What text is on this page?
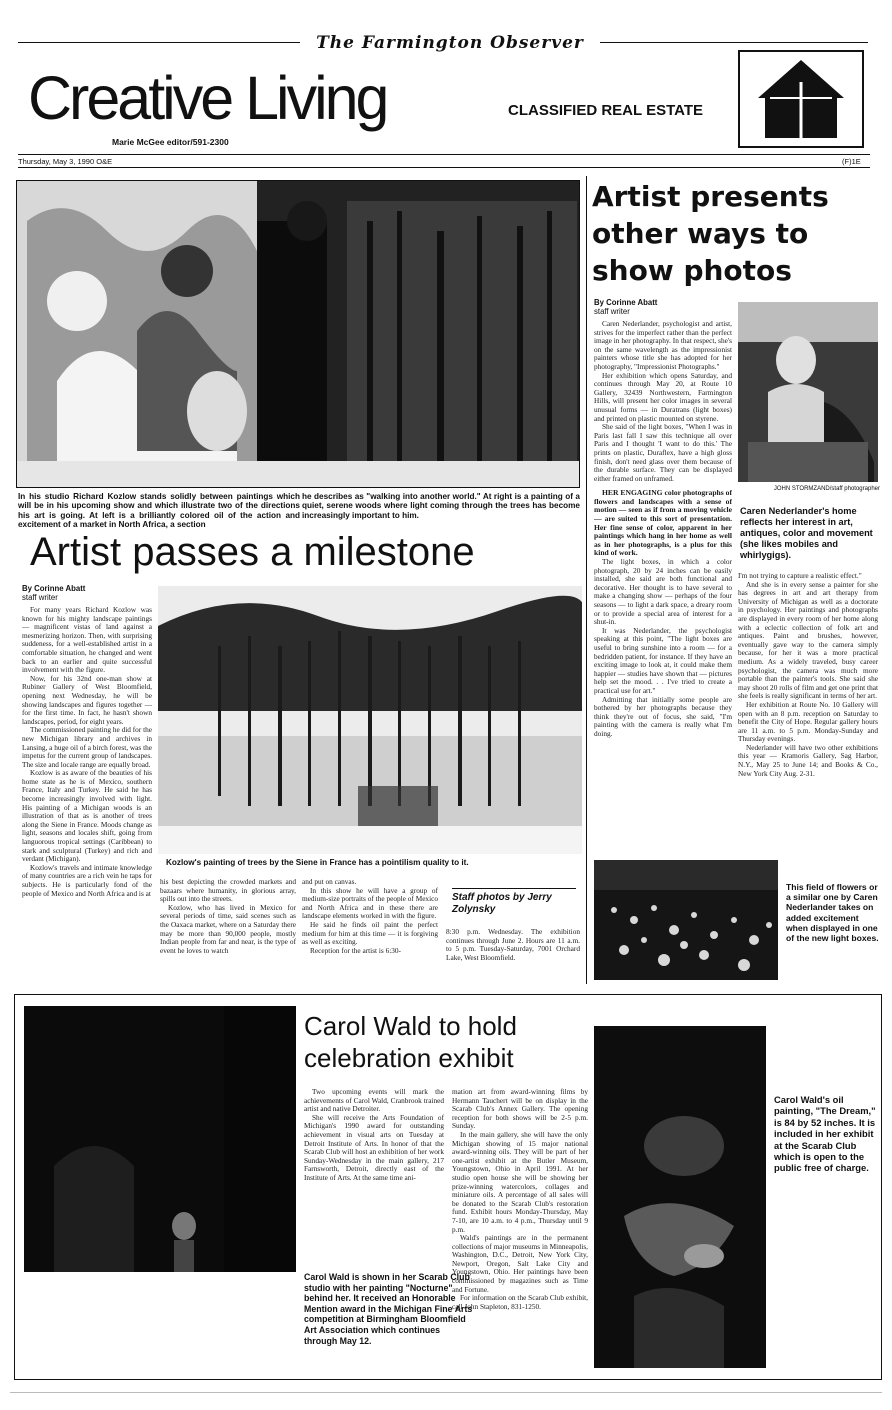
The Farmington Observer
Creative Living
Marie McGee editor/591-2300
CLASSIFIED REAL ESTATE
Thursday, May 3, 1990 O&E	(F)1E
In his studio Richard Kozlow stands solidly between paintings which will be in his upcoming show and which illustrate two of the directions his art is going. At left is a brilliantly colored oil of the action and excitement of a market in North Africa, a section
he describes as "walking into another world." At right is a painting of a quiet, serene woods where light coming through the trees has become increasingly important to him.
Artist passes a milestone
By Corinne Abatt
staff writer

For many years Richard Kozlow was known for his mighty landscape paintings — magnificent vistas of land against a mesmerizing horizon. Then, with surprising suddeness, for a well-established artist in a comfortable situation, he changed and went back to an earlier and quite successful involvement with the figure.

Now, for his 32nd one-man show at Rubiner Gallery of West Bloomfield, opening next Wednesday, he will be showing landscapes and figures together — for the first time. In fact, he hasn't shown landscapes, period, for eight years.

The commissioned painting he did for the new Michigan library and archives in Lansing, a huge oil of a birch forest, was the impetus for the current group of landscapes. The size and locale range are equally broad.

Kozlow is as aware of the beauties of his home state as he is of Mexico, southern France, Italy and Turkey. He said he has become increasingly involved with light. His painting of a Michigan woods is an illustration of that as is another of trees along the Siene in France. Moods change as light, seasons and locales shift, going from languorous tropical settings (Caribbean) to stark and sculptural (Turkey) and rich and verdant (Michigan).

Kozlow's travels and intimate knowledge of many countries are a rich vein he taps for subjects. He is particularly fond of the people of Mexico and North Africa and is at

Kozlow's painting of trees by the Siene in France has a pointilism quality to it.

his best depicting the crowded markets and bazaars where humanity, in glorious array, spills out into the streets.

Kozlow, who has lived in Mexico for several periods of time, said scenes such as the Oaxaca market, where on a Saturday there may be more than 90,000 people, mostly Indian people from far and near, is the type of event he loves to watch

and put on canvas.

In this show he will have a group of medium-size portraits of the people of Mexico and North Africa and in these there are landscape elements worked in with the figure.

He said he finds oil paint the perfect medium for him at this time — it is forgiving as well as exciting.

Reception for the artist is 6:30-

Staff photos by Jerry Zolynsky

8:30 p.m. Wednesday. The exhibition continues through June 2. Hours are 11 a.m. to 5 p.m. Tuesday-Saturday, 7001 Orchard Lake, West Bloomfield.

Artist presents other ways to show photos
By Corinne Abatt
staff writer

Caren Nederlander, psychologist and artist, strives for the imperfect rather than the perfect image in her photography. In that respect, she's on the same wavelength as the impressionist painters whose title she has adopted for her photography, "Impressionist Photographs."

Her exhibition which opens Saturday, and continues through May 20, at Route 10 Gallery, 32439 Northwestern, Farmington Hills, will present her color images in several unusual forms — in Duratrans (light boxes) and printed on plastic mounted on styrene.

She said of the light boxes, "When I was in Paris last fall I saw this technique all over Paris and I thought 'I want to do this.' The prints on plastic, Duraflex, have a high gloss finish, don't need glass over them because of the durable surface. They can be displayed either framed on unframed.

HER ENGAGING color photographs of flowers and landscapes with a sense of motion — seen as if from a moving vehicle — are suited to this sort of presentation. Her fine sense of color, apparent in her paintings which hang in her home as well as in her photographs, is a plus for this kind of work.

The light boxes, in which a color photograph, 20 by 24 inches can be easily installed, she said are both functional and decorative. Her thought is to have several to make a changing show — perhaps of the four seasons — to light a dark space, a dreary room or to provide a special area of interest for a shut-in.

It was Nederlander, the psychologist speaking at this point, "The light boxes are useful to bring sunshine into a room — for a bedridden patient, for instance. If they have an exciting image to look at, it could make them happier — studies have shown that — pictures help set the mood. . . I've tried to create a practical use for art."

Admitting that initially some people are bothered by her photographs because they think they're out of focus, she said, "I'm painting with the camera is really what I'm doing.

JOHN STORMZAND/staff photographer
Caren Nederlander's home reflects her interest in art, antiques, color and movement (she likes mobiles and whirlygigs).

I'm not trying to capture a realistic effect."

And she is in every sense a painter for she has degrees in art and art therapy from University of Michigan as well as a doctorate in psychology. Her paintings and photographs are displayed in every room of her home along with a eclectic collection of folk art and antiques. Paint and brushes, however, eventually gave way to the camera simply because, for her it was a more practical medium. As a widely traveled, busy career psychologist, the camera was much more portable than the painter's tools. She said she may shoot 20 rolls of film and get one print that she feels is really significant in terms of her art.

Her exhibition at Route No. 10 Gallery will open with an 8 p.m. reception on Saturday to benefit the City of Hope. Regular gallery hours are 11 a.m. to 5 p.m. Monday-Sunday and Thursday evenings.

Nederlander will have two other exhibitions this year — Kramoris Gallery, Sag Harbor, N.Y., May 25 to June 14; and Books & Co., New York City Aug. 2-31.

This field of flowers or a similar one by Caren Nederlander takes on added excitement when displayed in one of the new light boxes.
Carol Wald is shown in her Scarab Club studio with her painting "Nocturne" behind her. It received an Honorable Mention award in the Michigan Fine Arts competition at Birmingham Bloomfield Art Association which continues through May 12.
Carol Wald to hold celebration exhibit

Two upcoming events will mark the achievements of Carol Wald, Cranbrook trained artist and native Detroiter.

She will receive the Arts Foundation of Michigan's 1990 award for outstanding achievement in visual arts on Tuesday at Detroit Institute of Arts. In honor of that the Scarab Club will host an exhibition of her work Sunday-Wednesday in the main gallery, 217 Farnsworth, Detroit, directly east of the Institute of Arts. At the same time ani-

mation art from award-winning films by Hermann Tauchert will be on display in the Scarab Club's Annex Gallery. The opening reception for both shows will be 2-5 p.m. Sunday.

In the main gallery, she will have the only Michigan showing of 15 major national award-winning oils. They will be part of her one-artist exhibit at the Butler Museum, Youngstown, Ohio in April 1991. At her studio open house she will be showing her prize-winning watercolors, collages and miniature oils. A percentage of all sales will be donated to the Scarab Club's restoration fund. Exhibit hours Monday-Thursday, May 7-10, are 10 a.m. to 4 p.m., Thursday until 9 p.m.

Wald's paintings are in the permanent collections of major museums in Minneapolis, Washington, D.C., Detroit, New York City, Newport, Oregon, Salt Lake City and Youngstown, Ohio. Her paintings have been commissioned by magazines such as Time and Fortune.

For information on the Scarab Club exhibit, call John Stapleton, 831-1250.

Carol Wald's oil painting, "The Dream," is 84 by 52 inches. It is included in her exhibit at the Scarab Club which is open to the public free of charge.
